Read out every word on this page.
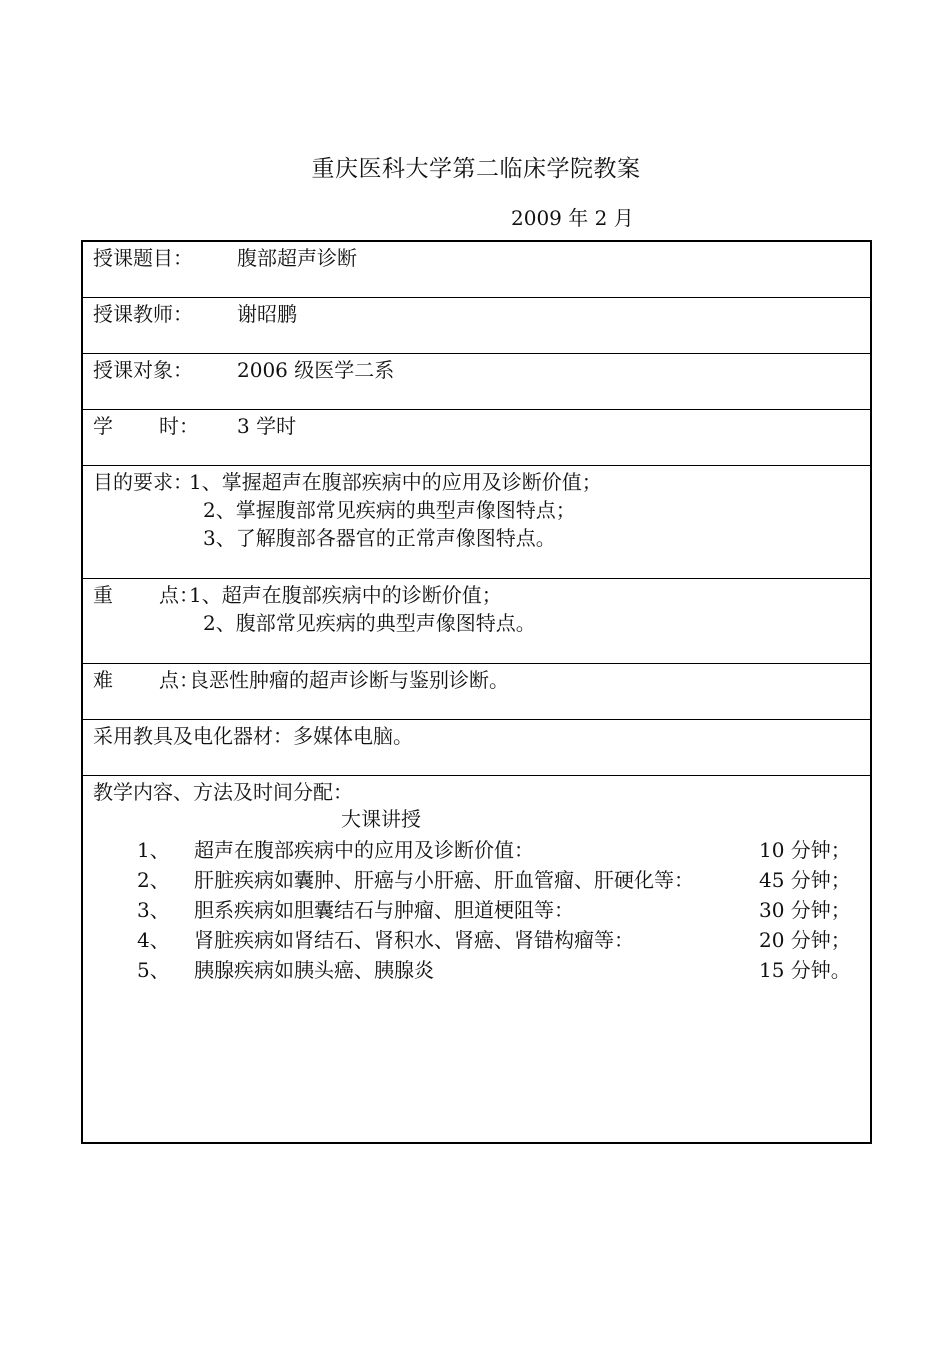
重庆医科大学第二临床学院教案
2009 年 2 月
授课题目： 腹部超声诊断
授课教师： 谢昭鹏
授课对象： 2006 级医学二系
学 时： 3 学时
目的要求：
1、掌握超声在腹部疾病中的应用及诊断价值；
2、掌握腹部常见疾病的典型声像图特点；
3、了解腹部各器官的正常声像图特点。
重 点：
1、超声在腹部疾病中的诊断价值；
2、腹部常见疾病的典型声像图特点。
难 点：
良恶性肿瘤的超声诊断与鉴别诊断。
采用教具及电化器材：多媒体电脑。
教学内容、方法及时间分配：
大课讲授
1、 超声在腹部疾病中的应用及诊断价值：	10 分钟；
2、 肝脏疾病如囊肿、肝癌与小肝癌、肝血管瘤、肝硬化等：	45 分钟；
3、 胆系疾病如胆囊结石与肿瘤、胆道梗阻等：	30 分钟；
4、 肾脏疾病如肾结石、肾积水、肾癌、肾错构瘤等：	20 分钟；
5、 胰腺疾病如胰头癌、胰腺炎	15 分钟。
